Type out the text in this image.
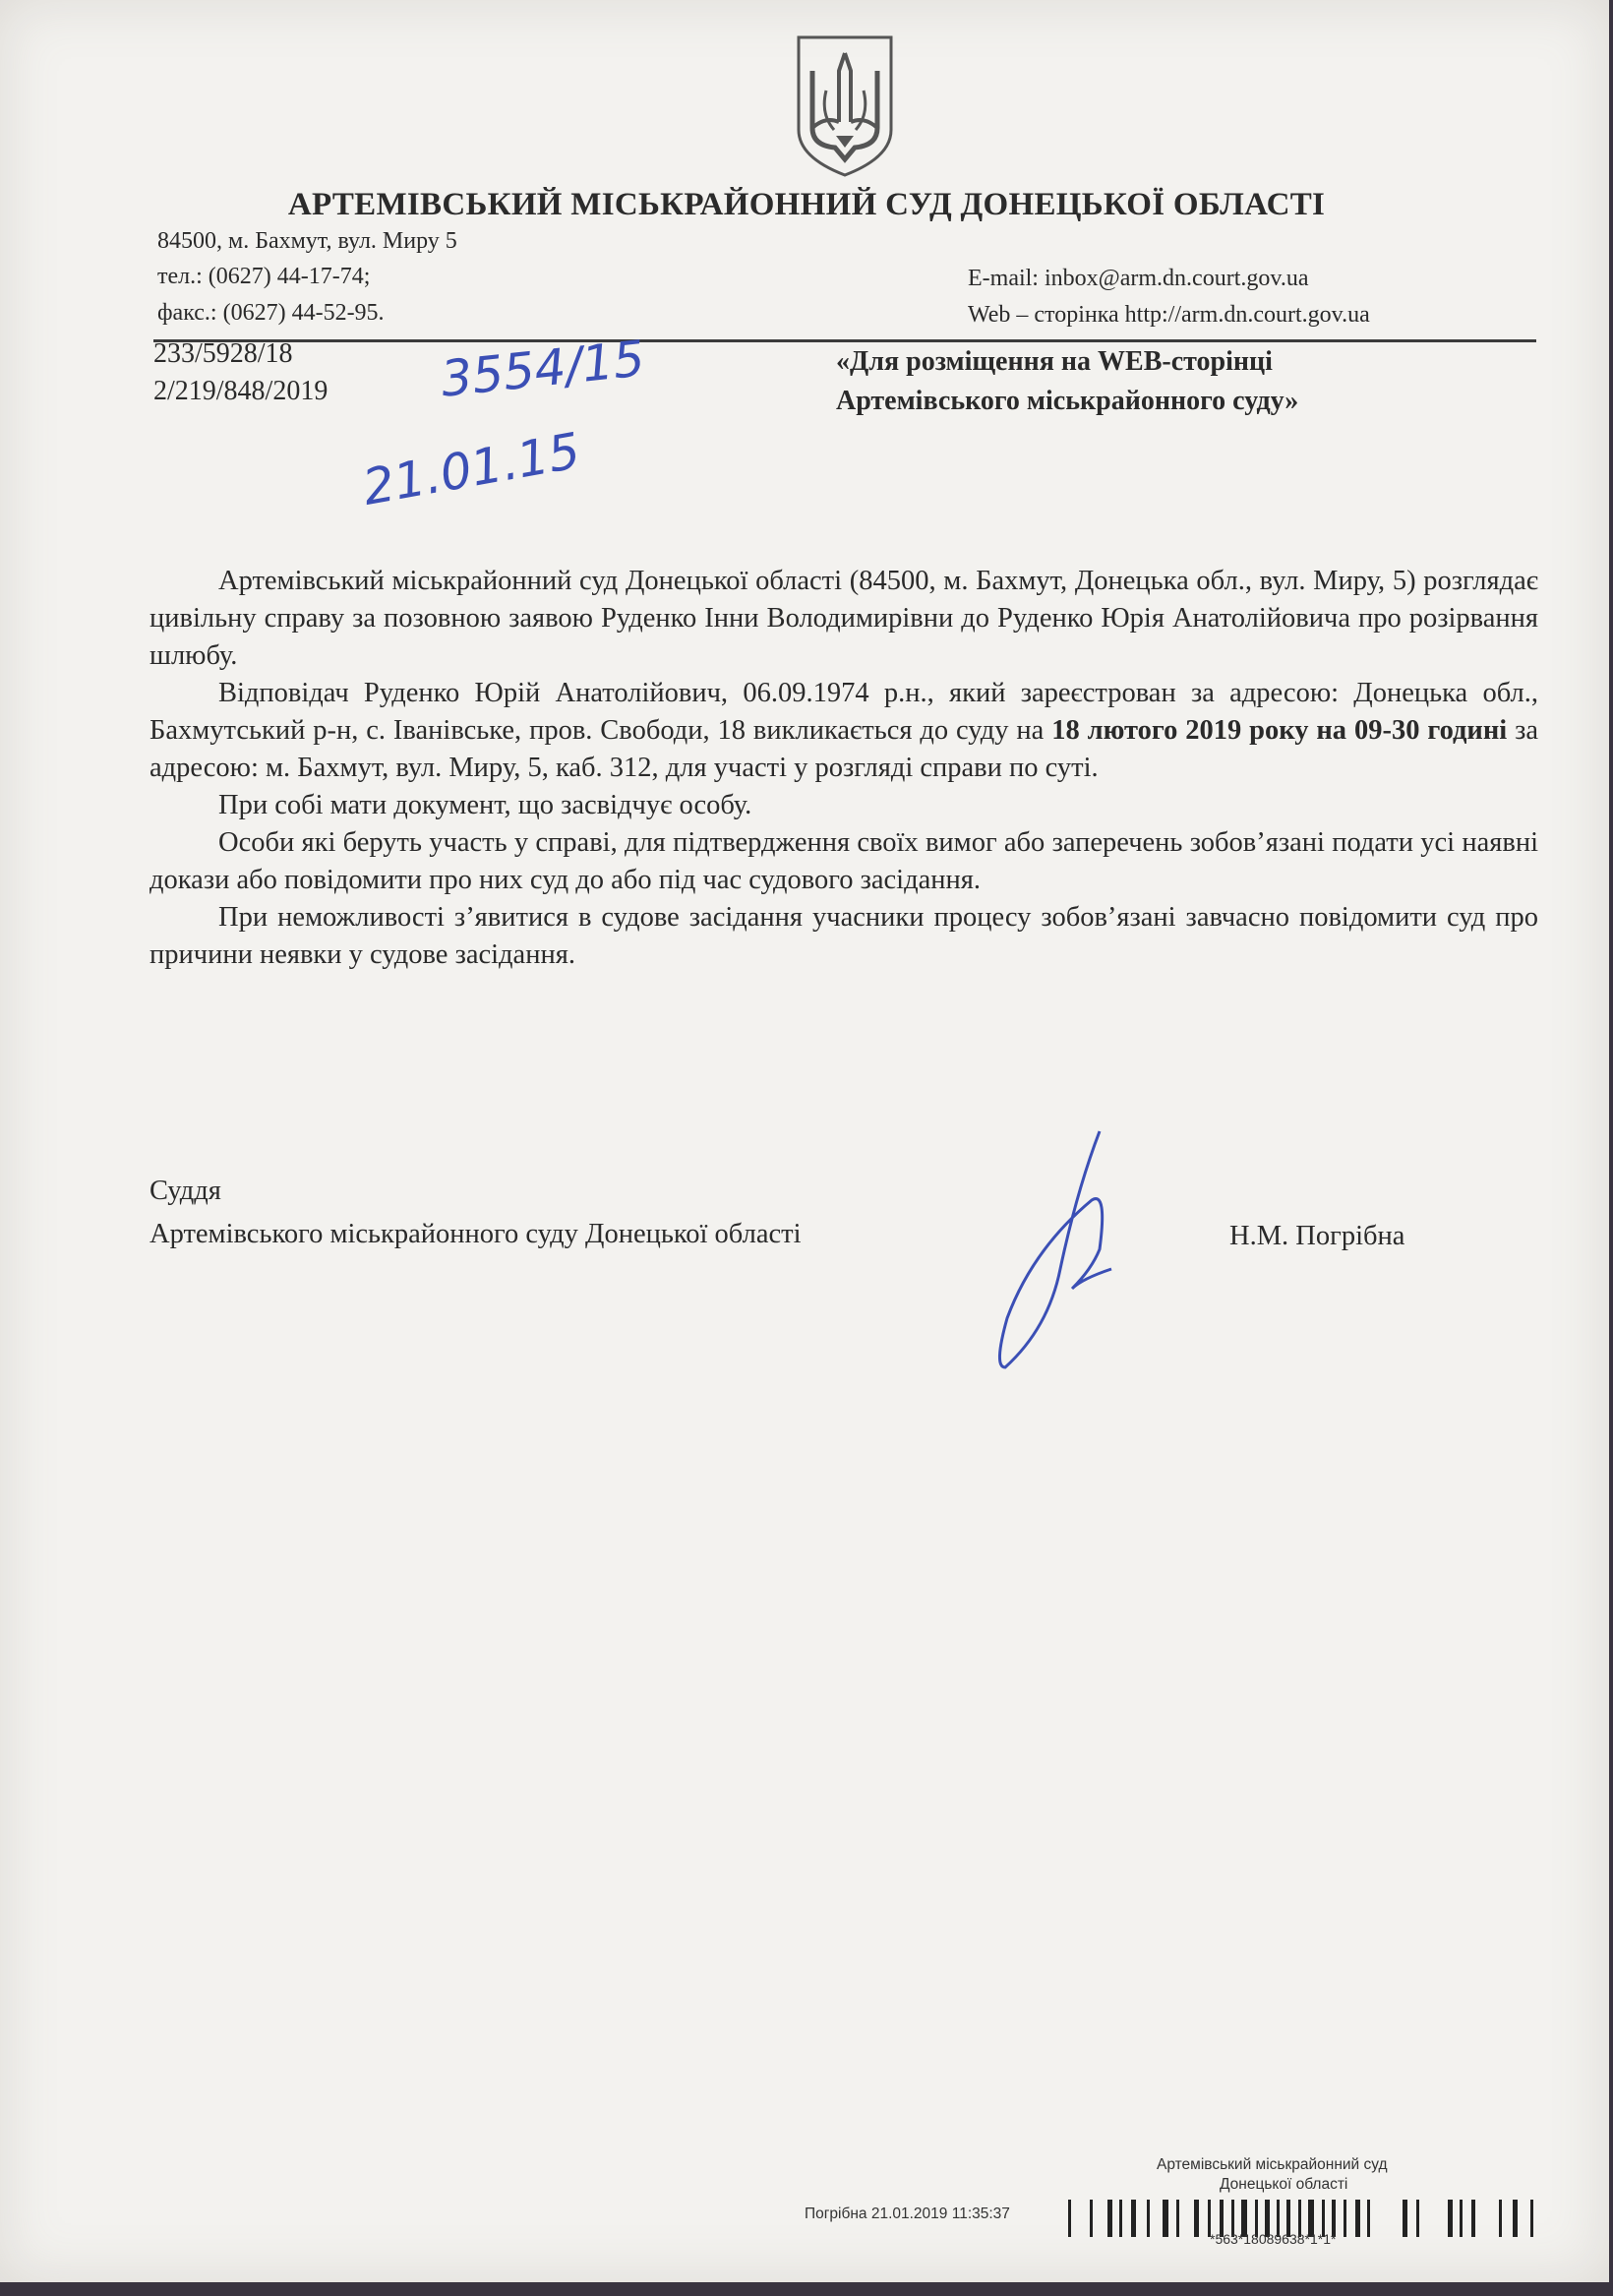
АРТЕМІВСЬКИЙ МІСЬКРАЙОННИЙ СУД ДОНЕЦЬКОЇ ОБЛАСТІ
84500, м. Бахмут, вул. Миру 5
тел.: (0627) 44-17-74;
факс.: (0627) 44-52-95.
E-mail: inbox@arm.dn.court.gov.ua
Web – сторінка http://arm.dn.court.gov.ua
233/5928/18
2/219/848/2019 3554/15
21.01.15
«Для розміщення на WEB-сторінці
Артемівського міськрайонного суду»

Артемівський міськрайонний суд Донецької області (84500, м. Бахмут, Донецька обл., вул. Миру, 5) розглядає цивільну справу за позовною заявою Руденко Інни Володимирівни до Руденко Юрія Анатолійовича про розірвання шлюбу.

Відповідач Руденко Юрій Анатолійович, 06.09.1974 р.н., який зареєстрован за адресою: Донецька обл., Бахмутський р-н, с. Іванівське, пров. Свободи, 18 викликається до суду на 18 лютого 2019 року на 09-30 годині за адресою: м. Бахмут, вул. Миру, 5, каб. 312, для участі у розгляді справи по суті.

При собі мати документ, що засвідчує особу.

Особи які беруть участь у справі, для підтвердження своїх вимог або заперечень зобов’язані подати усі наявні докази або повідомити про них суд до або під час судового засідання.

При неможливості з’явитися в судове засідання учасники процесу зобов’язані завчасно повідомити суд про причини неявки у судове засідання.

Суддя
Артемівського міськрайонного суду Донецької області	Н.М. Погрібна
Артемівський міськрайонний суд
Донецької області
Погрібна 21.01.2019 11:35:37
*563*18089638*1*1*
